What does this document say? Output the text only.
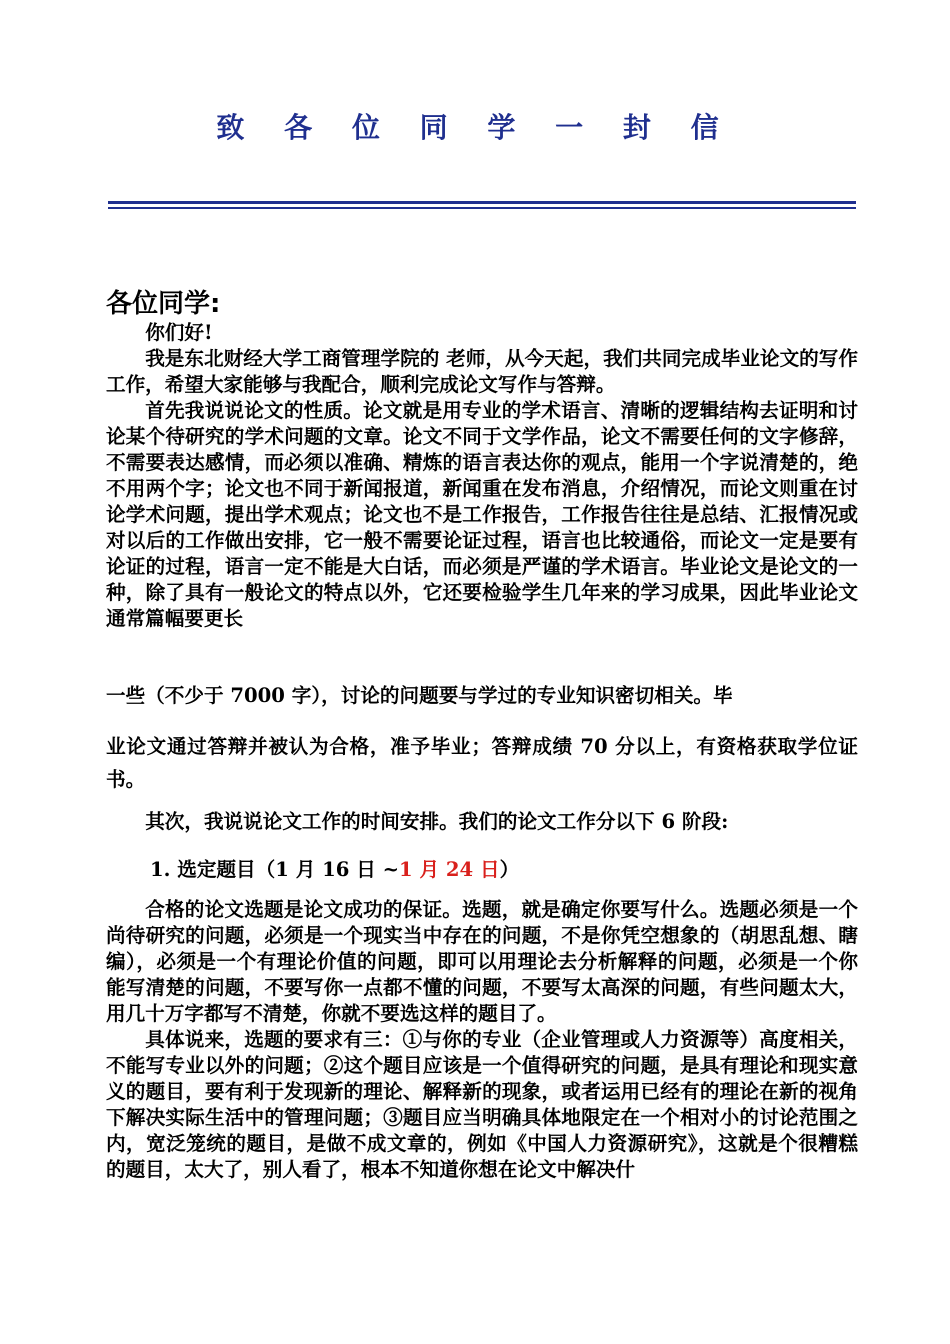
致 各 位 同 学 一 封 信
各位同学:

你们好!

我是东北财经大学工商管理学院的 老师，从今天起，我们共同完成毕业论文的写作工作，希望大家能够与我配合，顺利完成论文写作与答辩。

首先我说说论文的性质。论文就是用专业的学术语言、清晰的逻辑结构去证明和讨论某个待研究的学术问题的文章。论文不同于文学作品，论文不需要任何的文字修辞，不需要表达感情，而必须以准确、精炼的语言表达你的观点，能用一个字说清楚的，绝不用两个字；论文也不同于新闻报道，新闻重在发布消息，介绍情况，而论文则重在讨论学术问题，提出学术观点；论文也不是工作报告，工作报告往往是总结、汇报情况或对以后的工作做出安排，它一般不需要论证过程，语言也比较通俗，而论文一定是要有论证的过程，语言一定不能是大白话，而必须是严谨的学术语言。毕业论文是论文的一种，除了具有一般论文的特点以外，它还要检验学生几年来的学习成果，因此毕业论文通常篇幅要更长

一些（不少于 7000 字），讨论的问题要与学过的专业知识密切相关。毕

业论文通过答辩并被认为合格，准予毕业；答辩成绩 70 分以上，有资格获取学位证书。

其次，我说说论文工作的时间安排。我们的论文工作分以下 6 阶段:

1. 选定题目（1 月 16 日 ~1 月 24 日）

合格的论文选题是论文成功的保证。选题，就是确定你要写什么。选题必须是一个尚待研究的问题，必须是一个现实当中存在的问题，不是你凭空想象的（胡思乱想、瞎编），必须是一个有理论价值的问题，即可以用理论去分析解释的问题，必须是一个你能写清楚的问题，不要写你一点都不懂的问题，不要写太高深的问题，有些问题太大，用几十万字都写不清楚，你就不要选这样的题目了。

具体说来，选题的要求有三：①与你的专业（企业管理或人力资源等）高度相关，不能写专业以外的问题；②这个题目应该是一个值得研究的问题，是具有理论和现实意义的题目，要有利于发现新的理论、解释新的现象，或者运用已经有的理论在新的视角下解决实际生活中的管理问题；③题目应当明确具体地限定在一个相对小的讨论范围之内，宽泛笼统的题目，是做不成文章的，例如《中国人力资源研究》，这就是个很糟糕的题目，太大了，别人看了，根本不知道你想在论文中解决什
